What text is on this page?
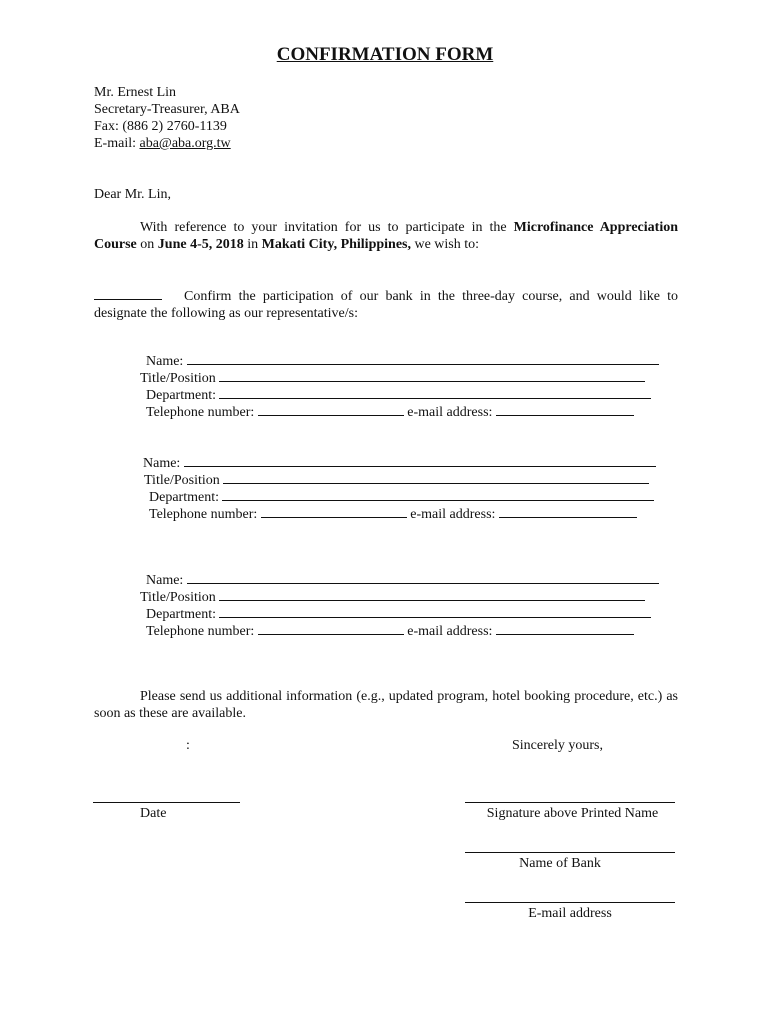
CONFIRMATION FORM
Mr. Ernest Lin
Secretary-Treasurer, ABA
Fax: (886 2) 2760-1139
E-mail: aba@aba.org.tw
Dear Mr. Lin,
With reference to your invitation for us to participate in the Microfinance Appreciation Course on June 4-5, 2018 in Makati City, Philippines, we wish to:
Confirm the participation of our bank in the three-day course, and would like to designate the following as our representative/s:
Name:
Title/Position
Department:
Telephone number:	e-mail address:
Name:
Title/Position
Department:
Telephone number:	e-mail address:
Name:
Title/Position
Department:
Telephone number:	e-mail address:
Please send us additional information (e.g., updated program, hotel booking procedure, etc.) as soon as these are available.
:	Sincerely yours,
Date	Signature above Printed Name
Name of Bank
E-mail address
